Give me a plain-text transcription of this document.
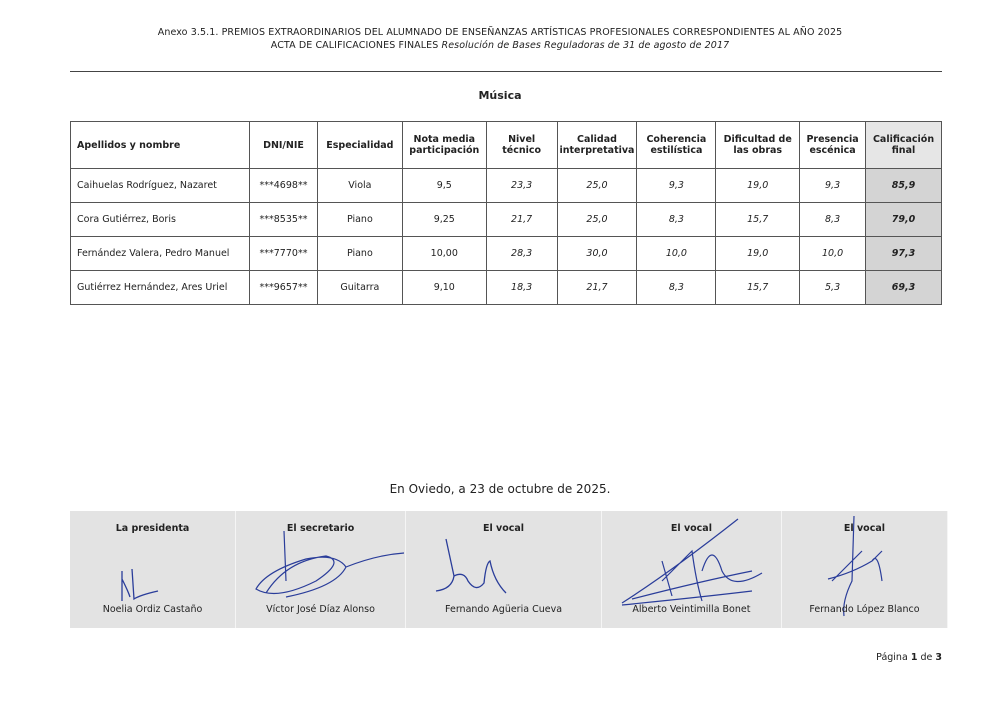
Anexo 3.5.1. PREMIOS EXTRAORDINARIOS DEL ALUMNADO DE ENSEÑANZAS ARTÍSTICAS PROFESIONALES CORRESPONDIENTES AL AÑO 2025
ACTA DE CALIFICACIONES FINALES Resolución de Bases Reguladoras de 31 de agosto de 2017
Música
Apellidos y nombre	DNI/NIE	Especialidad	Nota media participación	Nivel técnico	Calidad interpretativa	Coherencia estilística	Dificultad de las obras	Presencia escénica	Calificación final
Caihuelas Rodríguez, Nazaret	***4698**	Viola	9,5	23,3	25,0	9,3	19,0	9,3	85,9
Cora Gutiérrez, Boris	***8535**	Piano	9,25	21,7	25,0	8,3	15,7	8,3	79,0
Fernández Valera, Pedro Manuel	***7770**	Piano	10,00	28,3	30,0	10,0	19,0	10,0	97,3
Gutiérrez Hernández, Ares Uriel	***9657**	Guitarra	9,10	18,3	21,7	8,3	15,7	5,3	69,3
En Oviedo, a 23 de octubre de 2025.
La presidenta
Noelia Ordiz Castaño
El secretario
Víctor José Díaz Alonso
El vocal
Fernando Agüeria Cueva
El vocal
Alberto Veintimilla Bonet
El vocal
Fernando López Blanco
Página 1 de 3
